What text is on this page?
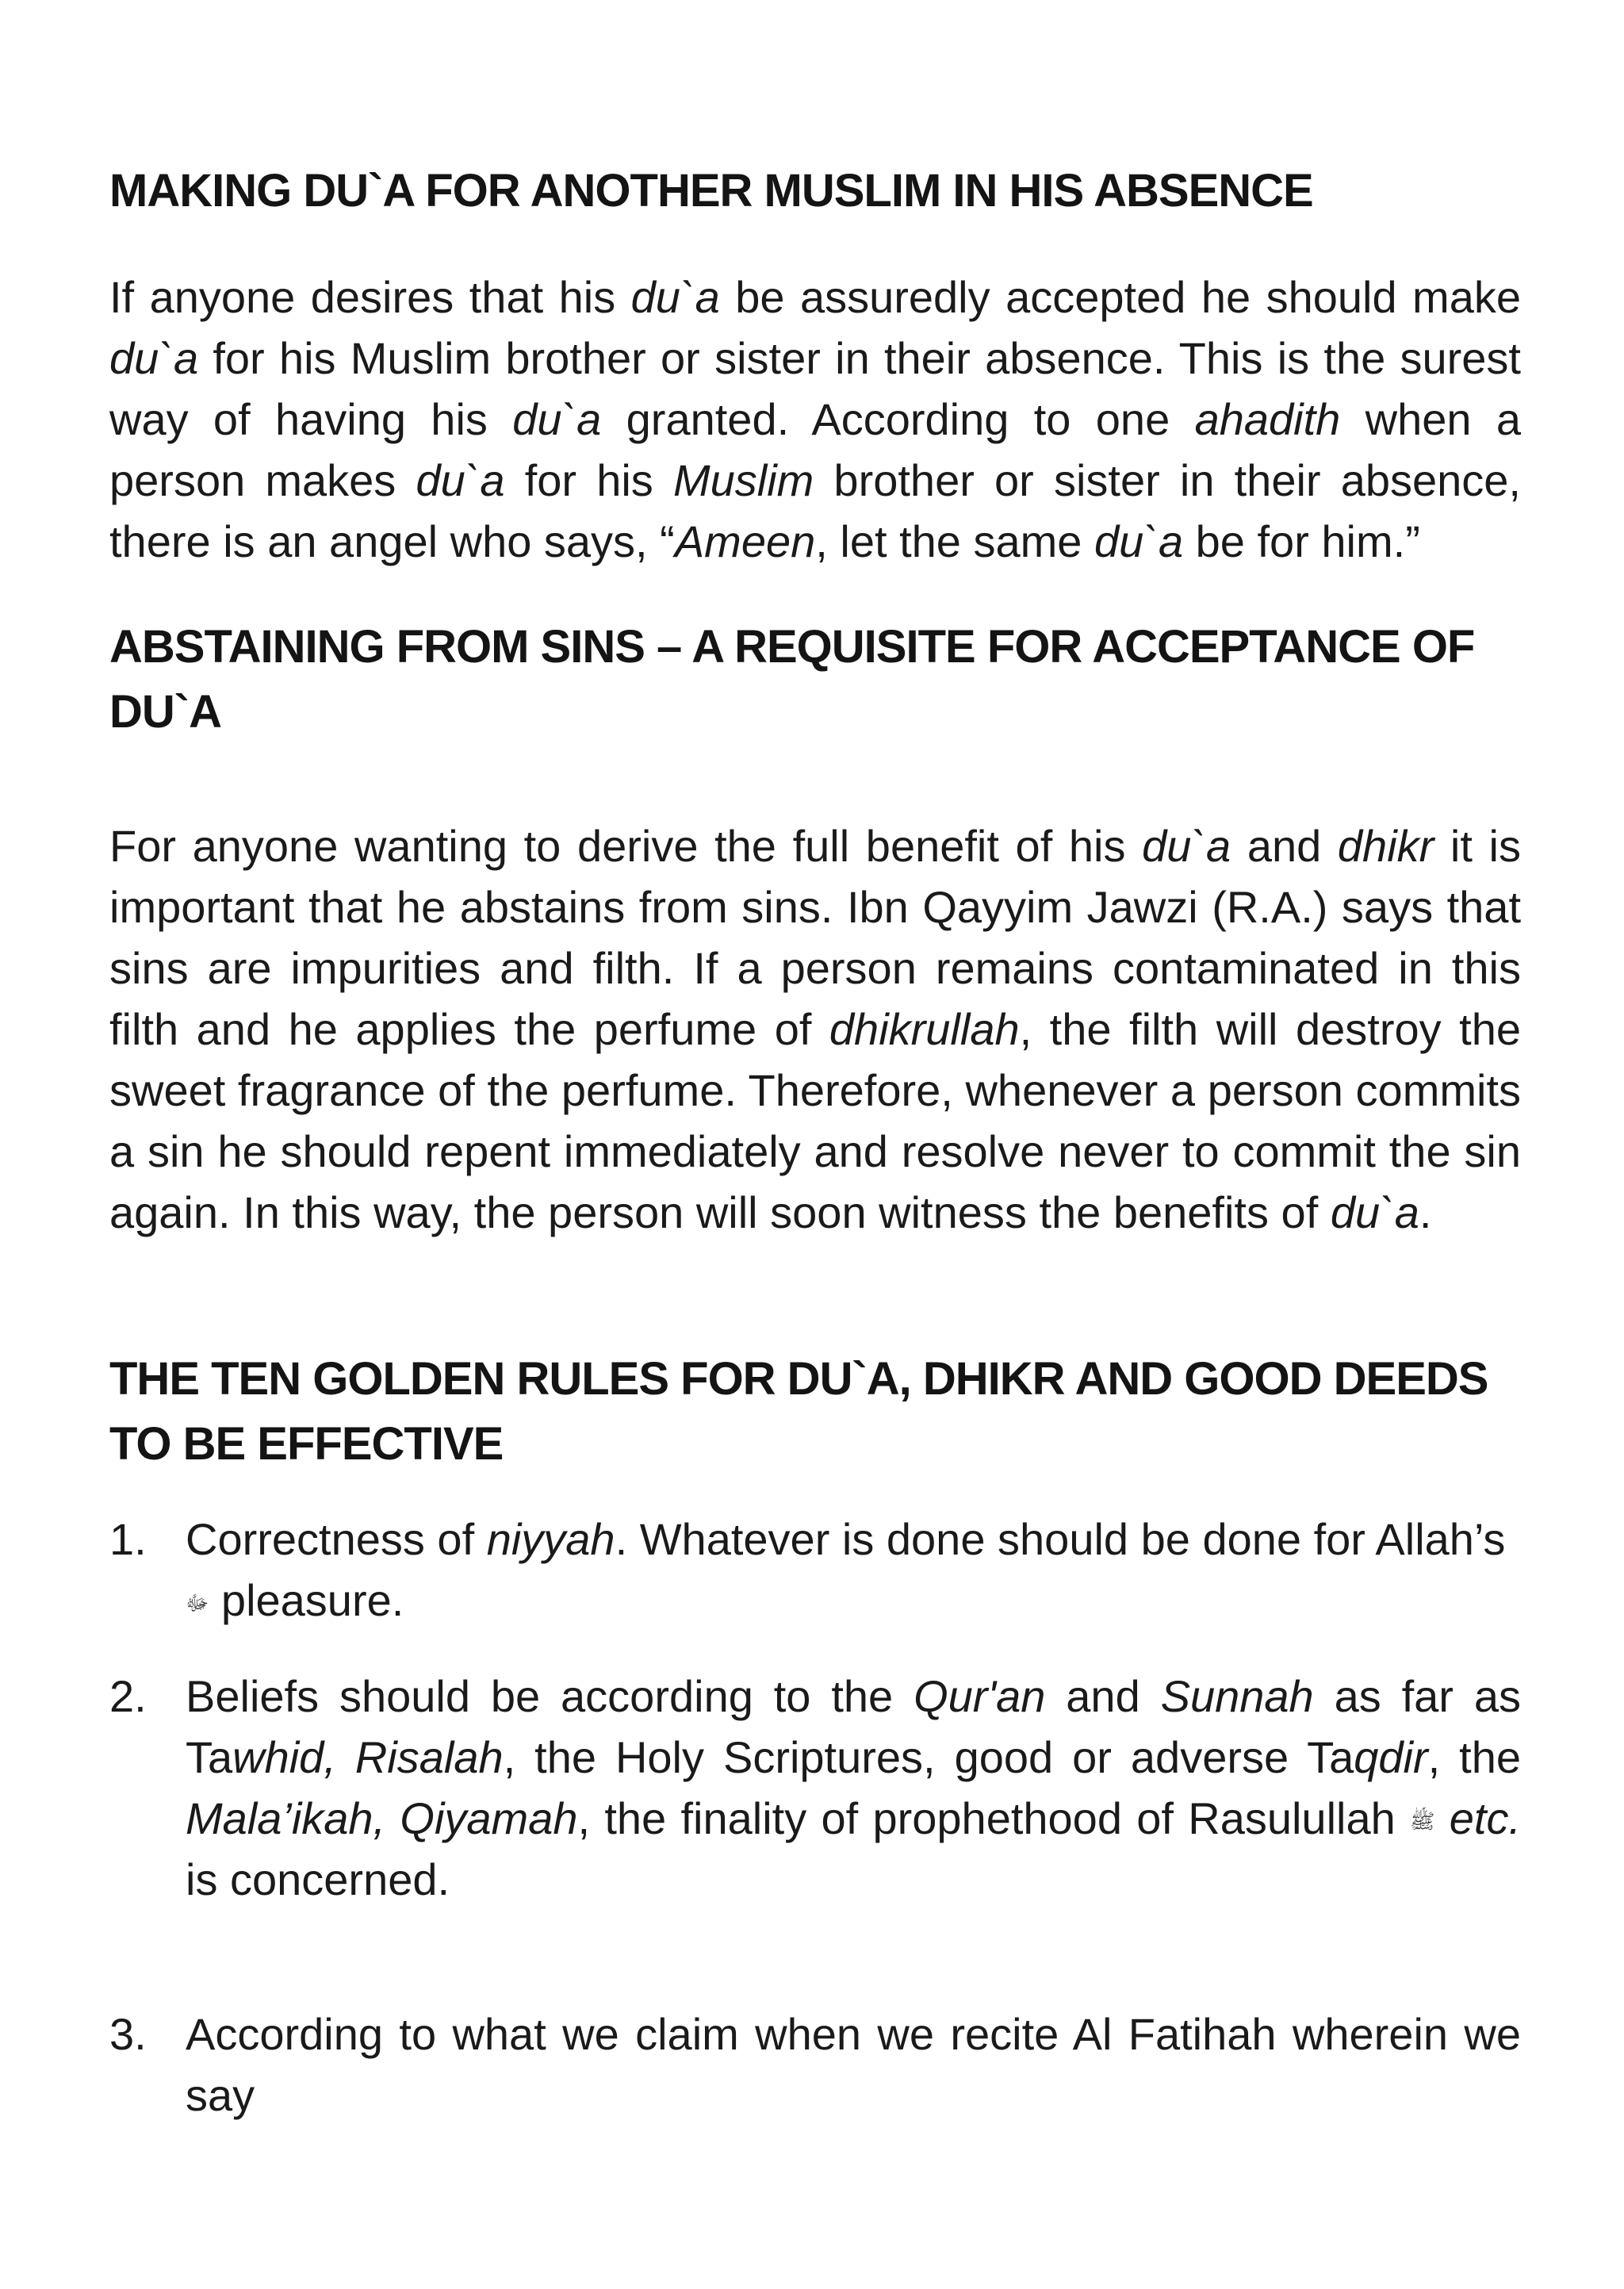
MAKING DU`A FOR ANOTHER MUSLIM IN HIS ABSENCE

If anyone desires that his du`a be assuredly accepted he should make du`a for his Muslim brother or sister in their absence. This is the surest way of having his du`a granted. According to one ahadith when a person makes du`a for his Muslim brother or sister in their absence, there is an angel who says, “Ameen, let the same du`a be for him.”

ABSTAINING FROM SINS – A REQUISITE FOR ACCEPTANCE OF DU`A

For anyone wanting to derive the full benefit of his du`a and dhikr it is important that he abstains from sins. Ibn Qayyim Jawzi (R.A.) says that sins are impurities and filth. If a person remains contaminated in this filth and he applies the perfume of dhikrullah, the filth will destroy the sweet fragrance of the perfume. Therefore, whenever a person commits a sin he should repent immediately and resolve never to commit the sin again. In this way, the person will soon witness the benefits of du`a.

THE TEN GOLDEN RULES FOR DU`A, DHIKR AND GOOD DEEDS TO BE EFFECTIVE
1. Correctness of niyyah. Whatever is done should be done for Allah’s
ﷻ pleasure.
2. Beliefs should be according to the Qur'an and Sunnah as far as Tawhid, Risalah, the Holy Scriptures, good or adverse Taqdir, the Mala’ikah, Qiyamah, the finality of prophethood of Rasulullah ﷺ etc. is concerned.
3. According to what we claim when we recite Al Fatihah wherein we say
